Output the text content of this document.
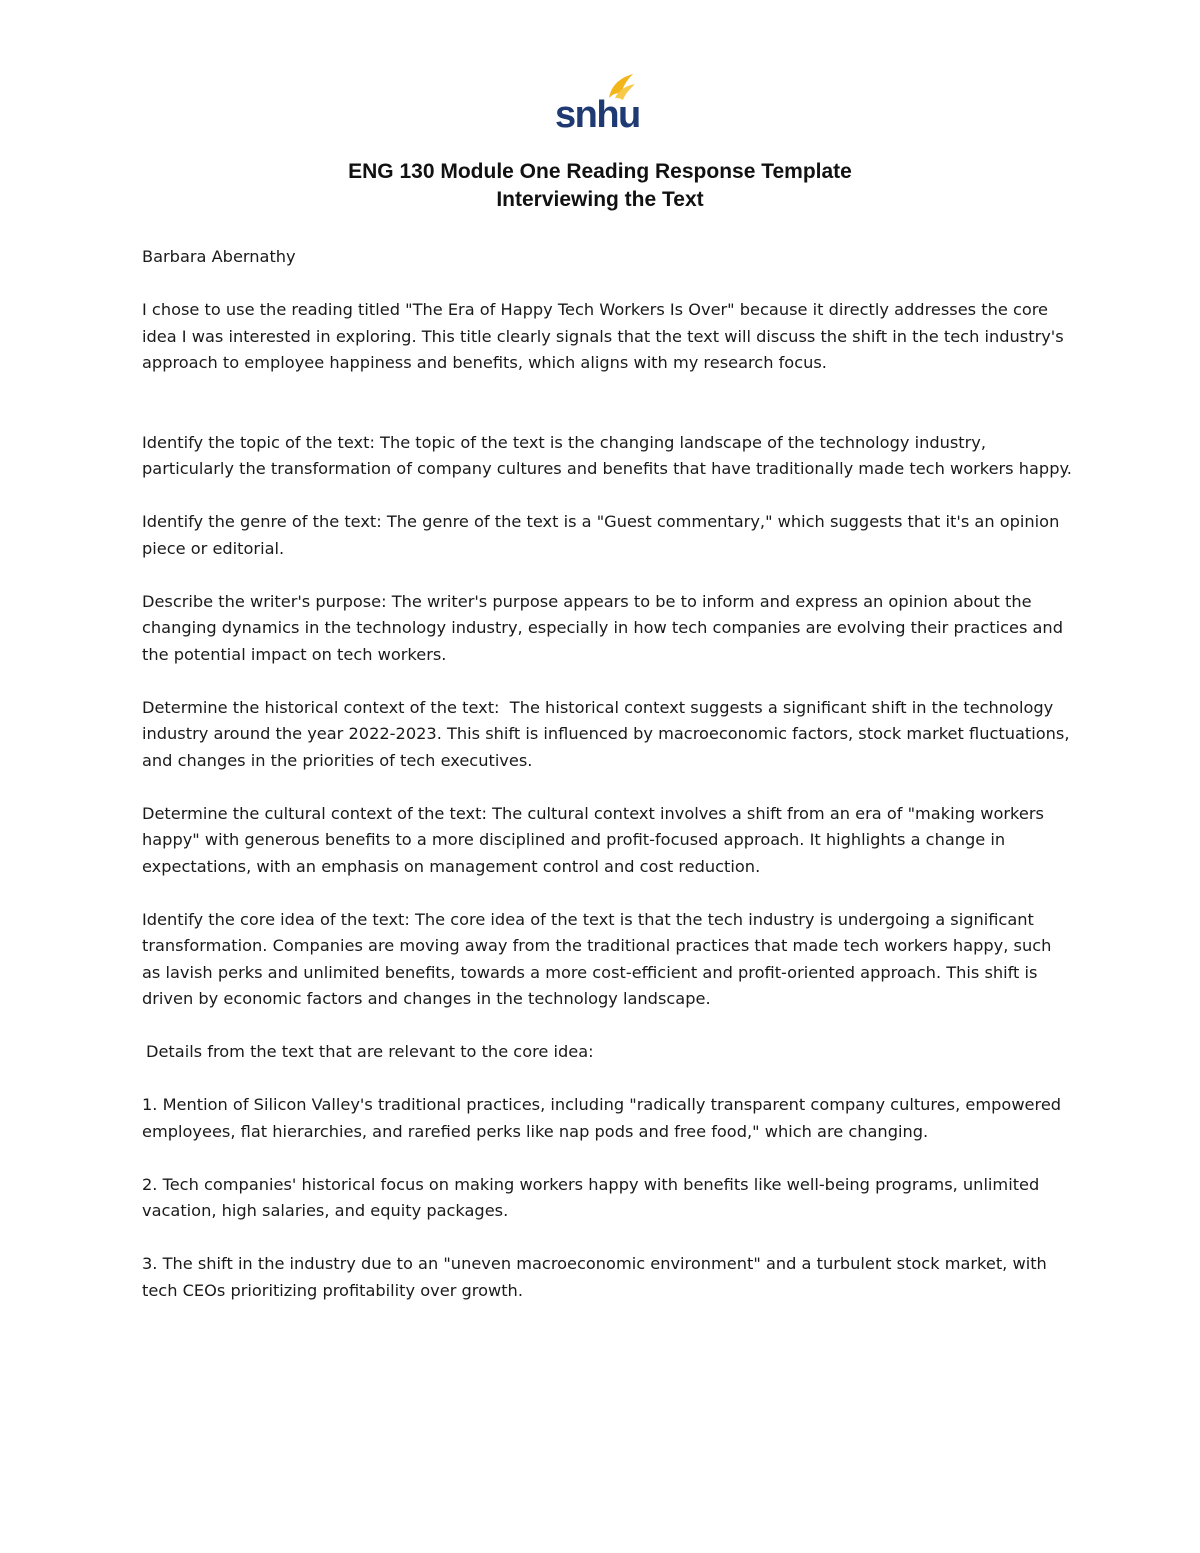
snhu
ENG 130 Module One Reading Response Template
Interviewing the Text

Barbara Abernathy

I chose to use the reading titled "The Era of Happy Tech Workers Is Over" because it directly addresses the core idea I was interested in exploring. This title clearly signals that the text will discuss the shift in the tech industry's approach to employee happiness and benefits, which aligns with my research focus.

Identify the topic of the text: The topic of the text is the changing landscape of the technology industry, particularly the transformation of company cultures and benefits that have traditionally made tech workers happy.

Identify the genre of the text: The genre of the text is a "Guest commentary," which suggests that it's an opinion piece or editorial.

Describe the writer's purpose: The writer's purpose appears to be to inform and express an opinion about the changing dynamics in the technology industry, especially in how tech companies are evolving their practices and the potential impact on tech workers.

Determine the historical context of the text:  The historical context suggests a significant shift in the technology industry around the year 2022-2023. This shift is influenced by macroeconomic factors, stock market fluctuations, and changes in the priorities of tech executives.

Determine the cultural context of the text: The cultural context involves a shift from an era of "making workers happy" with generous benefits to a more disciplined and profit-focused approach. It highlights a change in expectations, with an emphasis on management control and cost reduction.

Identify the core idea of the text: The core idea of the text is that the tech industry is undergoing a significant transformation. Companies are moving away from the traditional practices that made tech workers happy, such as lavish perks and unlimited benefits, towards a more cost-efficient and profit-oriented approach. This shift is driven by economic factors and changes in the technology landscape.

Details from the text that are relevant to the core idea:

1. Mention of Silicon Valley's traditional practices, including "radically transparent company cultures, empowered employees, flat hierarchies, and rarefied perks like nap pods and free food," which are changing.

2. Tech companies' historical focus on making workers happy with benefits like well-being programs, unlimited vacation, high salaries, and equity packages.

3. The shift in the industry due to an "uneven macroeconomic environment" and a turbulent stock market, with tech CEOs prioritizing profitability over growth.
